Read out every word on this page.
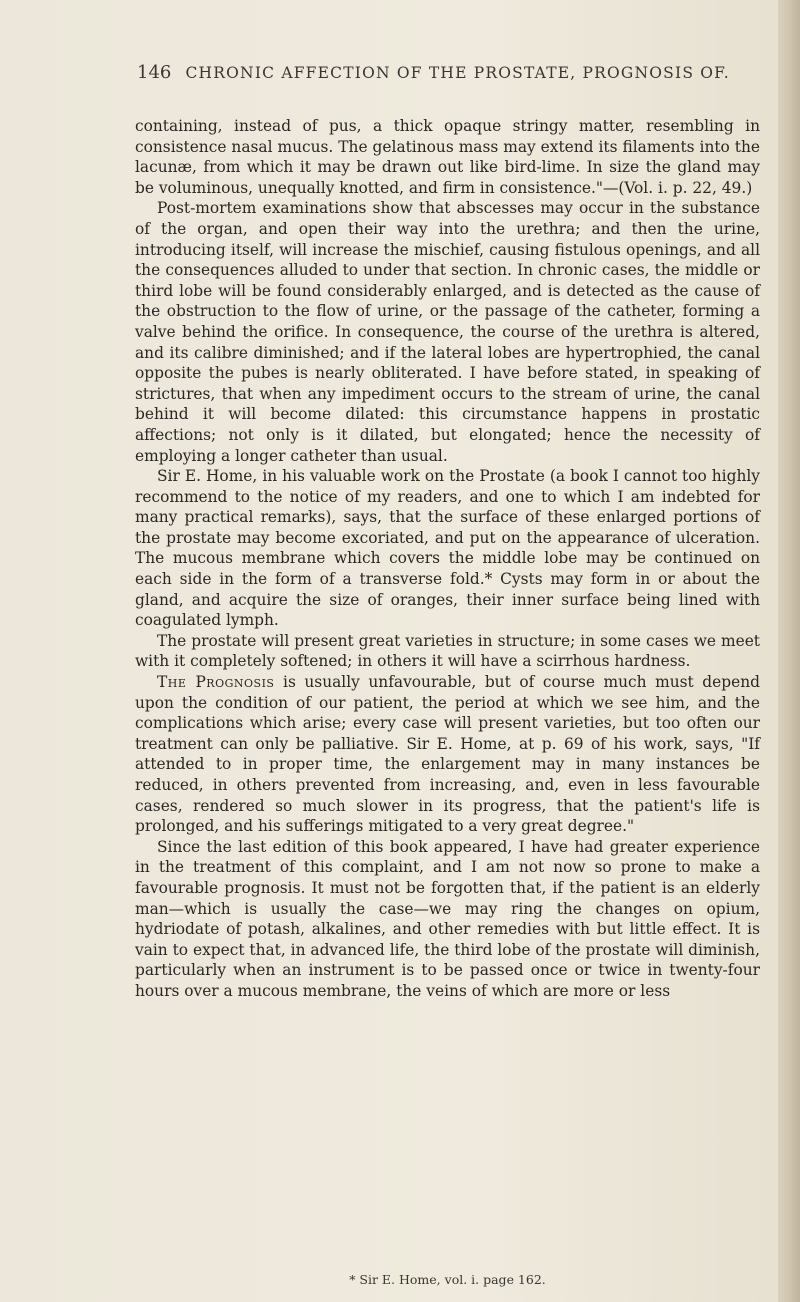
146 CHRONIC AFFECTION OF THE PROSTATE, PROGNOSIS OF.

containing, instead of pus, a thick opaque stringy matter, resembling in consistence nasal mucus. The gelatinous mass may extend its filaments into the lacunæ, from which it may be drawn out like bird-lime. In size the gland may be voluminous, unequally knotted, and firm in consistence."—(Vol. i. p. 22, 49.)

Post-mortem examinations show that abscesses may occur in the substance of the organ, and open their way into the urethra; and then the urine, introducing itself, will increase the mischief, causing fistulous openings, and all the consequences alluded to under that section. In chronic cases, the middle or third lobe will be found considerably enlarged, and is detected as the cause of the obstruction to the flow of urine, or the passage of the catheter, forming a valve behind the orifice. In consequence, the course of the urethra is altered, and its calibre diminished; and if the lateral lobes are hypertrophied, the canal opposite the pubes is nearly obliterated. I have before stated, in speaking of strictures, that when any impediment occurs to the stream of urine, the canal behind it will become dilated: this circumstance happens in prostatic affections; not only is it dilated, but elongated; hence the necessity of employing a longer catheter than usual.

Sir E. Home, in his valuable work on the Prostate (a book I cannot too highly recommend to the notice of my readers, and one to which I am indebted for many practical remarks), says, that the surface of these enlarged portions of the prostate may become excoriated, and put on the appearance of ulceration. The mucous membrane which covers the middle lobe may be continued on each side in the form of a transverse fold.* Cysts may form in or about the gland, and acquire the size of oranges, their inner surface being lined with coagulated lymph.

The prostate will present great varieties in structure; in some cases we meet with it completely softened; in others it will have a scirrhous hardness.

The Prognosis is usually unfavourable, but of course much must depend upon the condition of our patient, the period at which we see him, and the complications which arise; every case will present varieties, but too often our treatment can only be palliative. Sir E. Home, at p. 69 of his work, says, "If attended to in proper time, the enlargement may in many instances be reduced, in others prevented from increasing, and, even in less favourable cases, rendered so much slower in its progress, that the patient's life is prolonged, and his sufferings mitigated to a very great degree."

Since the last edition of this book appeared, I have had greater experience in the treatment of this complaint, and I am not now so prone to make a favourable prognosis. It must not be forgotten that, if the patient is an elderly man—which is usually the case—we may ring the changes on opium, hydriodate of potash, alkalines, and other remedies with but little effect. It is vain to expect that, in advanced life, the third lobe of the prostate will diminish, particularly when an instrument is to be passed once or twice in twenty-four hours over a mucous membrane, the veins of which are more or less

* Sir E. Home, vol. i. page 162.
